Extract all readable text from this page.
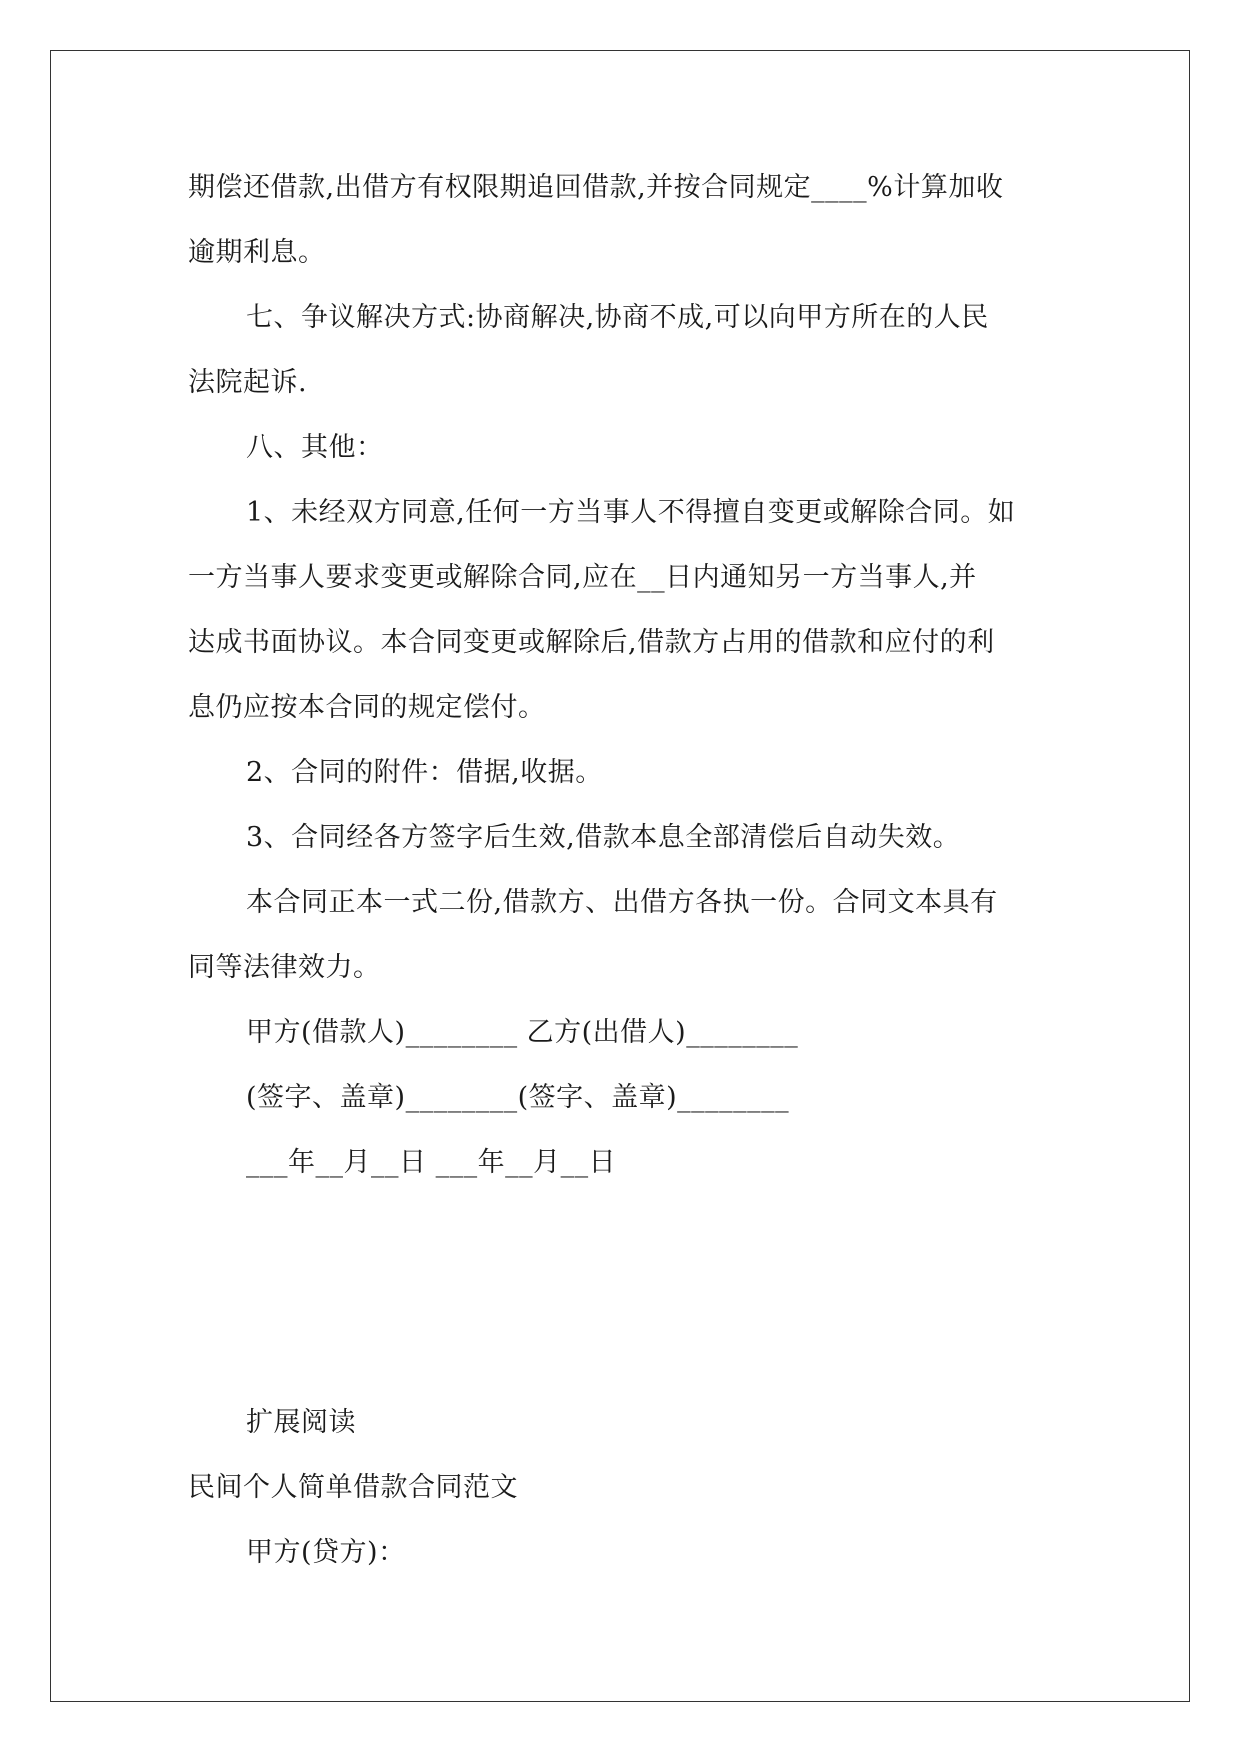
期偿还借款,出借方有权限期追回借款,并按合同规定____%计算加收
逾期利息。
七、争议解决方式:协商解决,协商不成,可以向甲方所在的人民
法院起诉.
八、其他：
1、未经双方同意,任何一方当事人不得擅自变更或解除合同。如
一方当事人要求变更或解除合同,应在__日内通知另一方当事人,并
达成书面协议。本合同变更或解除后,借款方占用的借款和应付的利
息仍应按本合同的规定偿付。
2、合同的附件：借据,收据。
3、合同经各方签字后生效,借款本息全部清偿后自动失效。
本合同正本一式二份,借款方、出借方各执一份。合同文本具有
同等法律效力。
甲方(借款人)________ 乙方(出借人)________
(签字、盖章)________(签字、盖章)________
___年__月__日 ___年__月__日
扩展阅读
民间个人简单借款合同范文
甲方(贷方)：
